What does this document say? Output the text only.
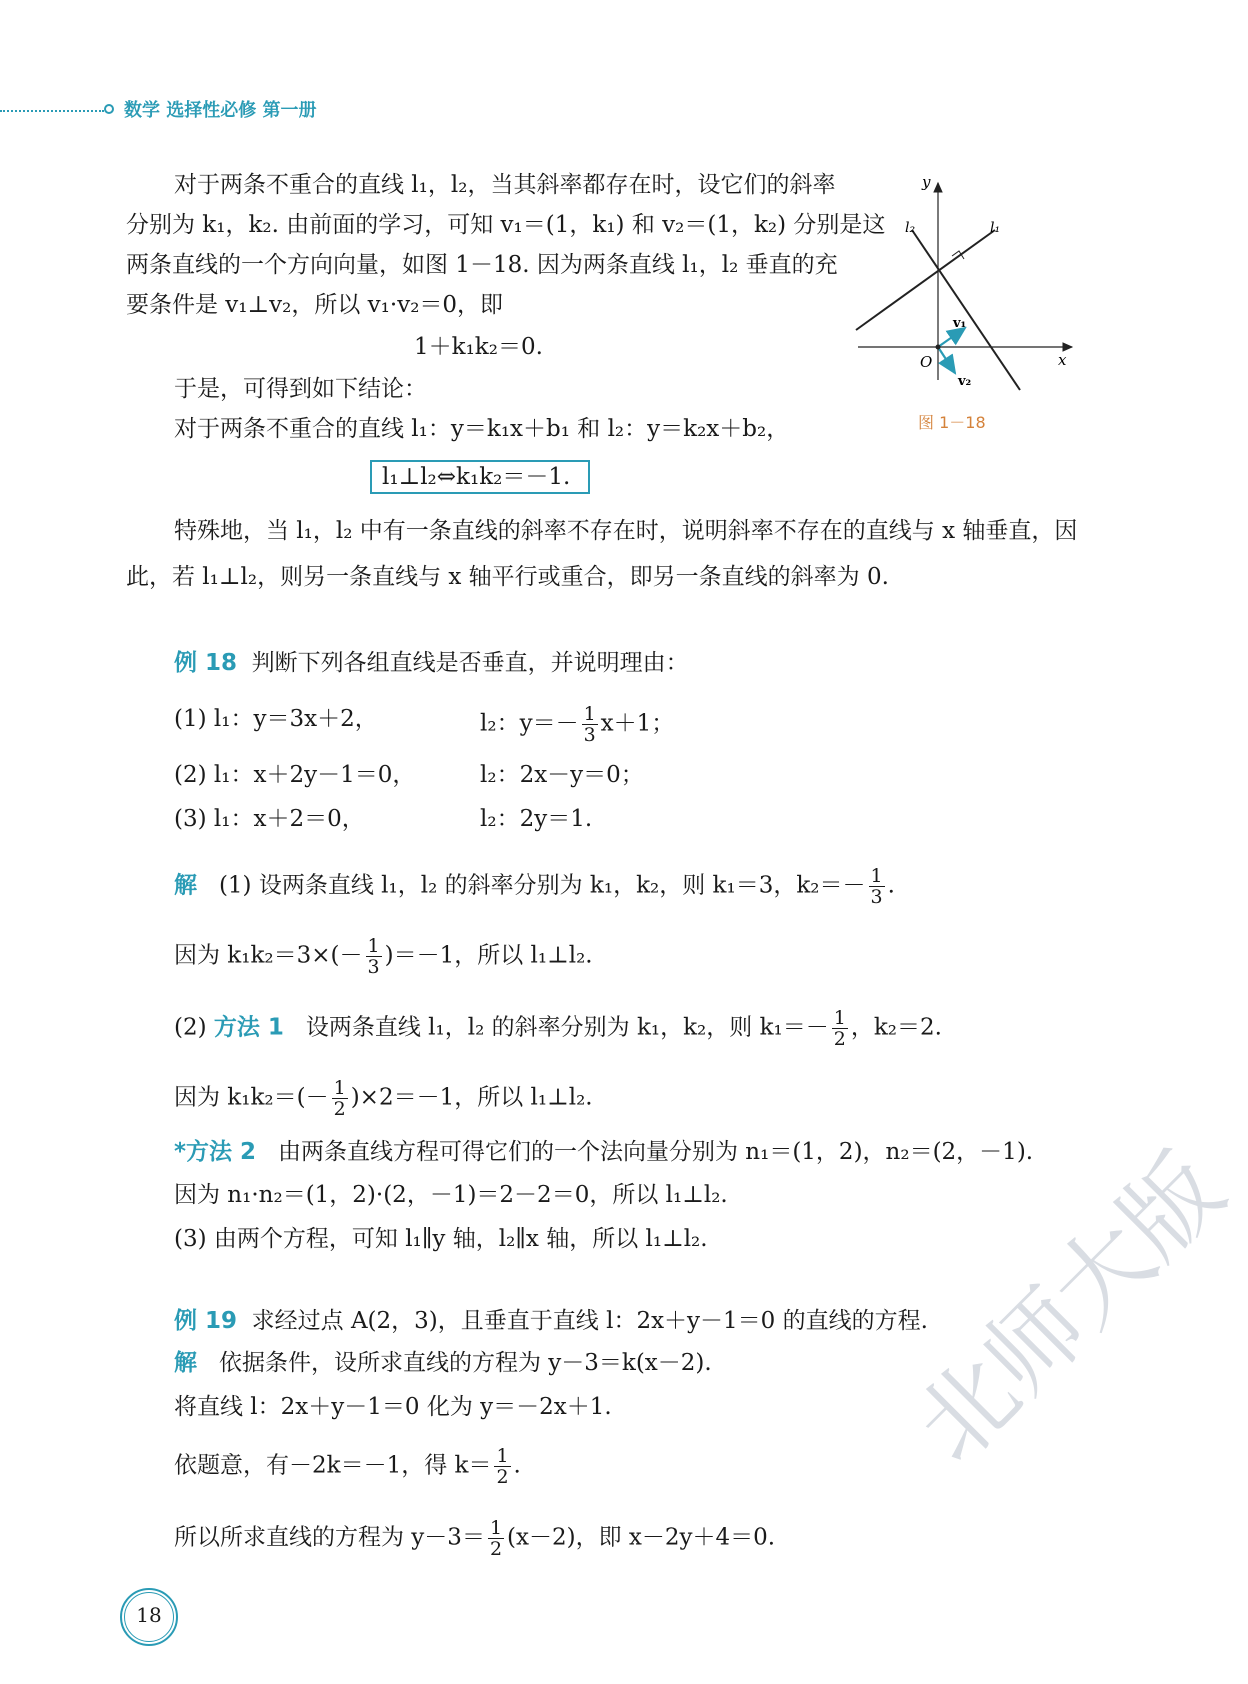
数学 选择性必修 第一册
对于两条不重合的直线 l₁，l₂，当其斜率都存在时，设它们的斜率
分别为 k₁，k₂. 由前面的学习，可知 v₁＝(1，k₁) 和 v₂＝(1，k₂) 分别是这
两条直线的一个方向向量，如图 1－18. 因为两条直线 l₁，l₂ 垂直的充
要条件是 v₁⊥v₂，所以 v₁·v₂＝0，即
1＋k₁k₂＝0.
于是，可得到如下结论：
对于两条不重合的直线 l₁：y＝k₁x＋b₁ 和 l₂：y＝k₂x＋b₂，
l₁⊥l₂⇔k₁k₂＝－1.
y
x
O
l₂	l₁
v₁
v₂
图 1－18
特殊地，当 l₁，l₂ 中有一条直线的斜率不存在时，说明斜率不存在的直线与 x 轴垂直，因
此，若 l₁⊥l₂，则另一条直线与 x 轴平行或重合，即另一条直线的斜率为 0.
例 18 判断下列各组直线是否垂直，并说明理由：
(1) l₁：y＝3x＋2，	l₂：$y=- \frac{1}{3} x+1$；
(2) l₁：x＋2y－1＝0，	l₂：2x－y＝0；
(3) l₁：x＋2＝0，	l₂：2y＝1.
解 (1) 设两条直线 l₁，l₂ 的斜率分别为 k₁，k₂，则 k₁＝3，$k_2=- \frac{1}{3}$ .
因为 $k_1k_2=3\times(- \frac{1}{3} )=-1$，所以 l₁⊥l₂.
(2) 方法 1 设两条直线 l₁，l₂ 的斜率分别为 k₁，k₂，则 $k_1=- \frac{1}{2}$ ，k₂＝2.
因为 $k_1k_2=(- \frac{1}{2} )\times 2=-1$，所以 l₁⊥l₂.
*方法 2 由两条直线方程可得它们的一个法向量分别为 n₁＝(1，2)，n₂＝(2，－1).
因为 n₁·n₂＝(1，2)·(2，－1)＝2－2＝0，所以 l₁⊥l₂.
(3) 由两个方程，可知 l₁∥y 轴，l₂∥x 轴，所以 l₁⊥l₂.
例 19 求经过点 A(2，3)，且垂直于直线 l：2x＋y－1＝0 的直线的方程.
解 依据条件，设所求直线的方程为 y－3＝k(x－2).
将直线 l：2x＋y－1＝0 化为 y＝－2x＋1.
依题意，有－2k＝－1，得 $k= \frac{1}{2}$ .
所以所求直线的方程为 $y-3= \frac{1}{2} (x-2)$，即 x－2y＋4＝0.
18
北师大版
